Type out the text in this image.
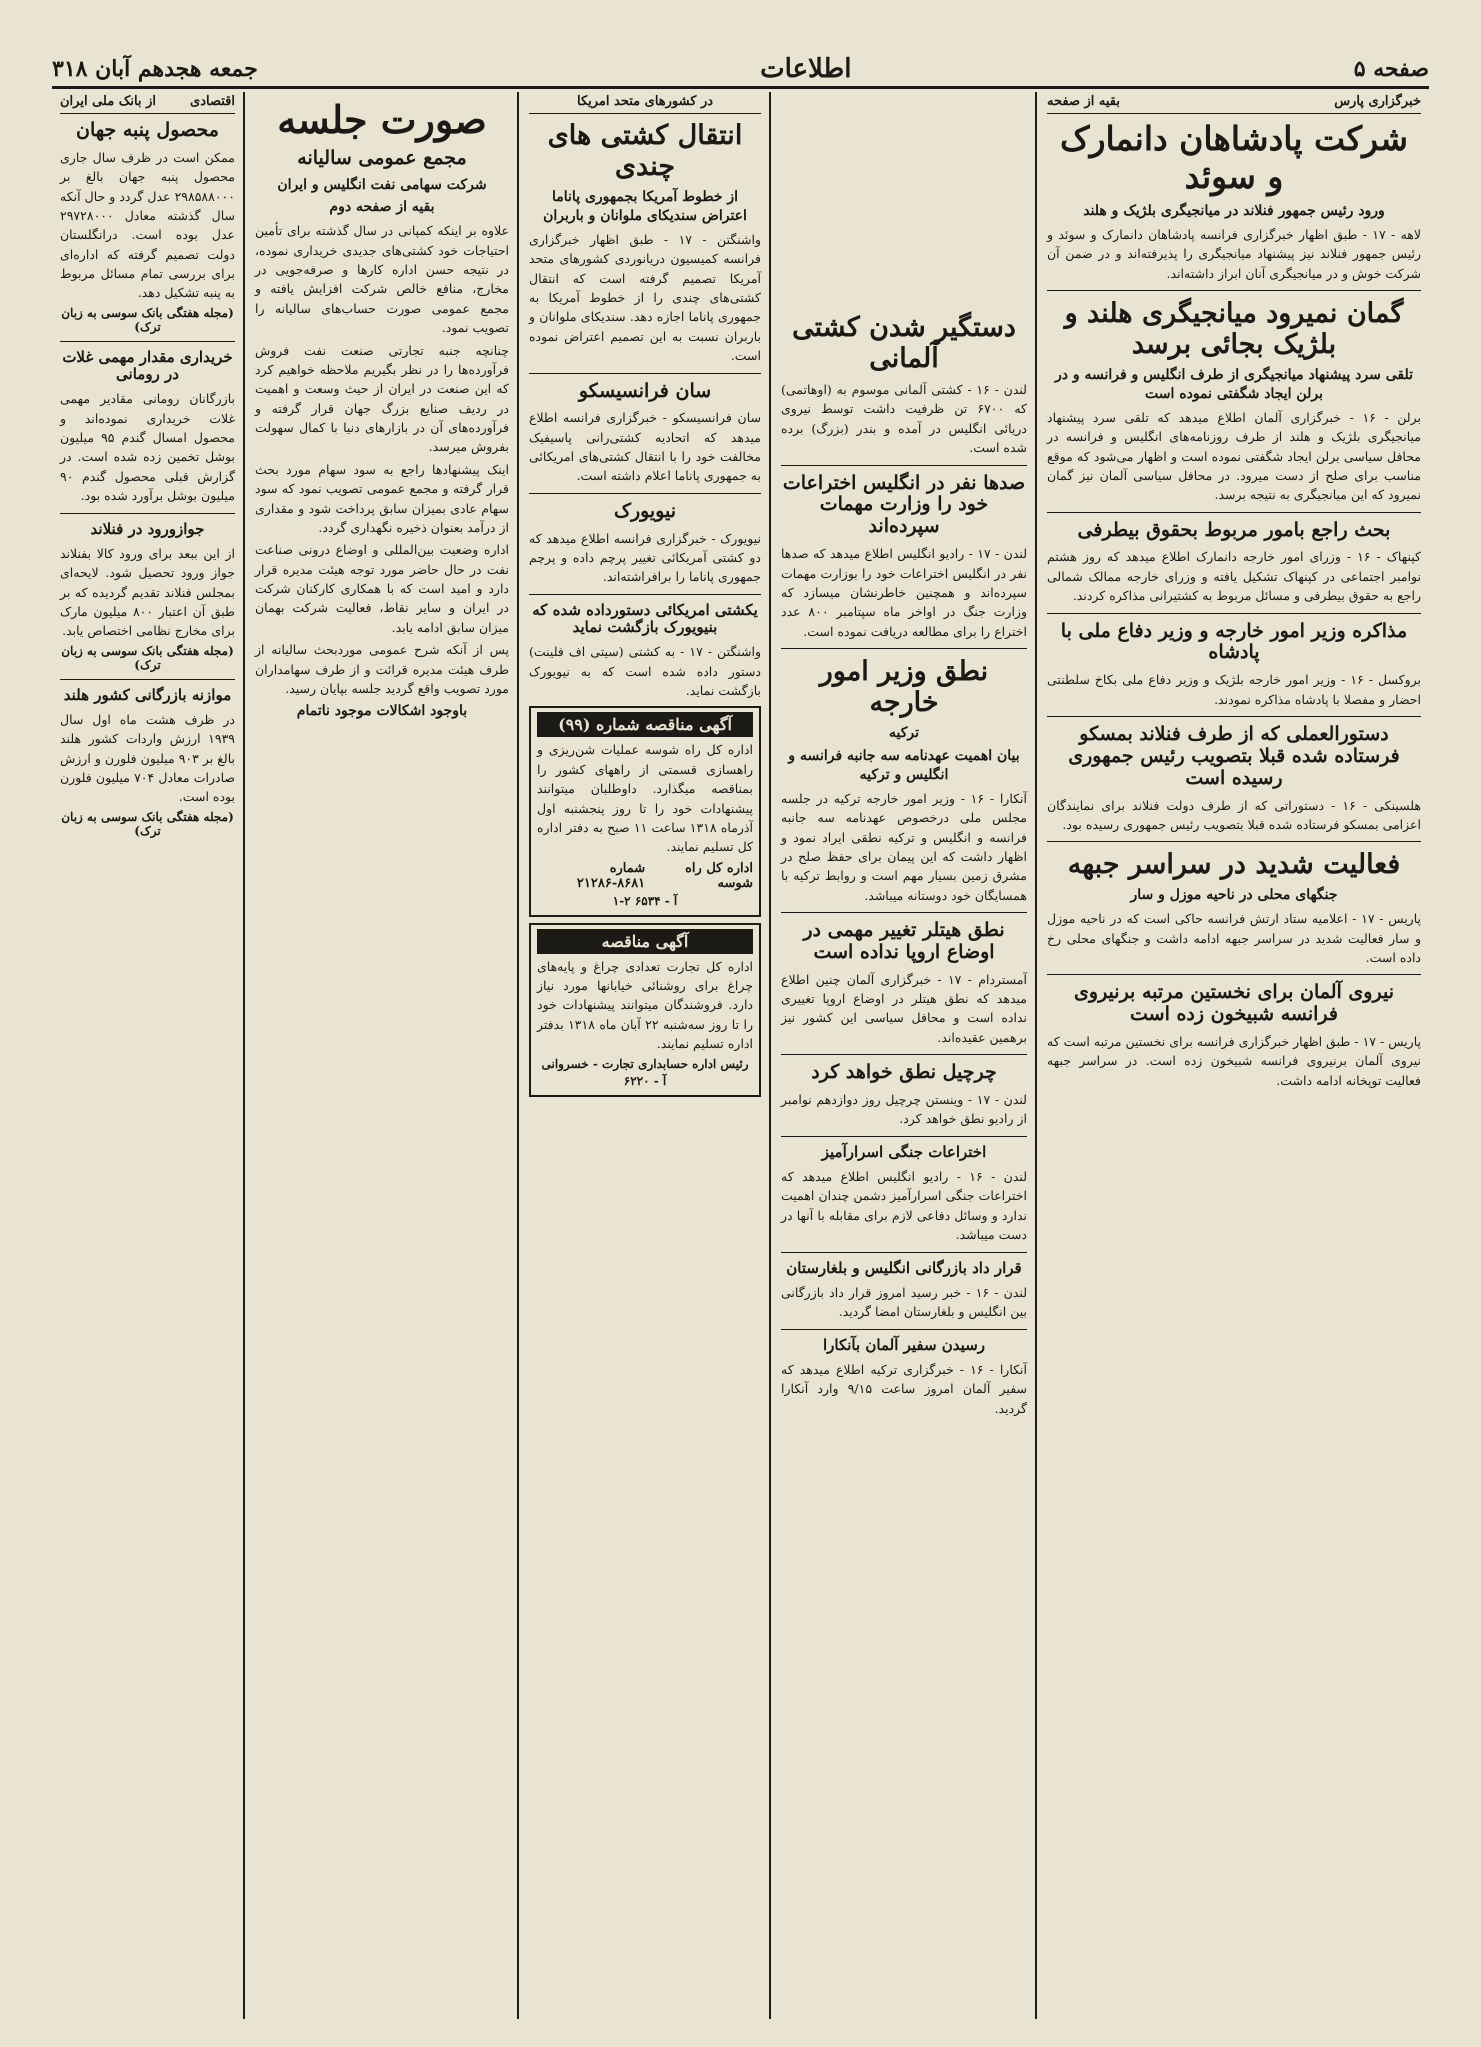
صفحه ۵
اطلاعات
جمعه هجدهم آبان ۳۱۸
خبرگزاری پارس
بقیه از صفحه
شرکت پادشاهان دانمارک و سوئد
ورود رئیس جمهور فنلاند در میانجیگری بلژیک و هلند
لاهه - ۱۷ - طبق اظهار خبرگزاری فرانسه پادشاهان دانمارک و سوئد و رئیس جمهور فنلاند نیز پیشنهاد میانجیگری را پذیرفته‌اند و در ضمن آن شرکت خوش و در میانجیگری آنان ابراز داشته‌اند.
گمان نمیرود میانجیگری هلند و بلژیک بجائی برسد
تلقی سرد پیشنهاد میانجیگری از طرف انگلیس و فرانسه و در برلن ایجاد شگفتی نموده است
برلن - ۱۶ - خبرگزاری آلمان اطلاع میدهد که تلقی سرد پیشنهاد میانجیگری بلژیک و هلند از طرف روزنامه‌های انگلیس و فرانسه در محافل سیاسی برلن ایجاد شگفتی نموده است و اظهار می‌شود که موقع مناسب برای صلح از دست میرود. در محافل سیاسی آلمان نیز گمان نمیرود که این میانجیگری به نتیجه برسد.
بحث راجع بامور مربوط بحقوق بیطرفی
کپنهاک - ۱۶ - وزرای امور خارجه دانمارک اطلاع میدهد که روز هشتم نوامبر اجتماعی در کپنهاک تشکیل یافته و وزرای خارجه ممالک شمالی راجع به حقوق بیطرفی و مسائل مربوط به کشتیرانی مذاکره کردند.
مذاکره وزیر امور خارجه و وزیر دفاع ملی با پادشاه
بروکسل - ۱۶ - وزیر امور خارجه بلژیک و وزیر دفاع ملی بکاخ سلطنتی احضار و مفصلا با پادشاه مذاکره نمودند.
دستورالعملی که از طرف فنلاند بمسکو فرستاده شده قبلا بتصویب رئیس جمهوری رسیده است
هلسینکی - ۱۶ - دستوراتی که از طرف دولت فنلاند برای نمایندگان اعزامی بمسکو فرستاده شده قبلا بتصویب رئیس جمهوری رسیده بود.
فعالیت شدید در سراسر جبهه
جنگهای محلی در ناحیه موزل و سار
پاریس - ۱۷ - اعلامیه ستاد ارتش فرانسه حاکی است که در ناحیه موزل و سار فعالیت شدید در سراسر جبهه ادامه داشت و جنگهای محلی رخ داده است.
نیروی آلمان برای نخستین مرتبه برنیروی فرانسه شبیخون زده است
پاریس - ۱۷ - طبق اظهار خبرگزاری فرانسه برای نخستین مرتبه است که نیروی آلمان برنیروی فرانسه شبیخون زده است. در سراسر جبهه فعالیت توپخانه ادامه داشت.
دستگیر شدن کشتی آلمانی
لندن - ۱۶ - کشتی آلمانی موسوم به (اوهاتمی) که ۶۷۰۰ تن ظرفیت داشت توسط نیروی دریائی انگلیس در آمده و بندر (بزرگ) برده شده است.
صدها نفر در انگلیس اختراعات خود را وزارت مهمات سپرده‌اند
لندن - ۱۷ - رادیو انگلیس اطلاع میدهد که صدها نفر در انگلیس اختراعات خود را بوزارت مهمات سپرده‌اند و همچنین خاطرنشان میسازد که وزارت جنگ در اواخر ماه سپتامبر ۸۰۰ عدد اختراع را برای مطالعه دریافت نموده است.
نطق وزیر امور خارجه
ترکیه
بیان اهمیت عهدنامه سه جانبه فرانسه و انگلیس و ترکیه
آنکارا - ۱۶ - وزیر امور خارجه ترکیه در جلسه مجلس ملی درخصوص عهدنامه سه جانبه فرانسه و انگلیس و ترکیه نطقی ایراد نمود و اظهار داشت که این پیمان برای حفظ صلح در مشرق زمین بسیار مهم است و روابط ترکیه با همسایگان خود دوستانه میباشد.
نطق هیتلر تغییر مهمی در اوضاع اروپا نداده است
آمستردام - ۱۷ - خبرگزاری آلمان چنین اطلاع میدهد که نطق هیتلر در اوضاع اروپا تغییری نداده است و محافل سیاسی این کشور نیز برهمین عقیده‌اند.
چرچیل نطق خواهد کرد
لندن - ۱۷ - وینستن چرچیل روز دوازدهم نوامبر از رادیو نطق خواهد کرد.
اختراعات جنگی اسرارآمیز
لندن - ۱۶ - رادیو انگلیس اطلاع میدهد که اختراعات جنگی اسرارآمیز دشمن چندان اهمیت ندارد و وسائل دفاعی لازم برای مقابله با آنها در دست میباشد.
قرار داد بازرگانی انگلیس و بلغارستان
لندن - ۱۶ - خبر رسید امروز قرار داد بازرگانی بین انگلیس و بلغارستان امضا گردید.
رسیدن سفیر آلمان بآنکارا
آنکارا - ۱۶ - خبرگزاری ترکیه اطلاع میدهد که سفیر آلمان امروز ساعت ۹/۱۵ وارد آنکارا گردید.
در کشورهای متحد امریکا
انتقال کشتی های چندی
از خطوط آمریکا بجمهوری پاناما اعتراض سندیکای ملوانان و باربران
واشنگتن - ۱۷ - طبق اظهار خبرگزاری فرانسه کمیسیون دریانوردی کشورهای متحد آمریکا تصمیم گرفته است که انتقال کشتی‌های چندی را از خطوط آمریکا به جمهوری پاناما اجازه دهد. سندیکای ملوانان و باربران نسبت به این تصمیم اعتراض نموده است.
سان فرانسیسکو
سان فرانسیسکو - خبرگزاری فرانسه اطلاع میدهد که اتحادیه کشتی‌رانی پاسیفیک مخالفت خود را با انتقال کشتی‌های امریکائی به جمهوری پاناما اعلام داشته است.
نیویورک
نیویورک - خبرگزاری فرانسه اطلاع میدهد که دو کشتی آمریکائی تغییر پرچم داده و پرچم جمهوری پاناما را برافراشته‌اند.
یکشتی امریکائی دستورداده شده که بنیویورک بازگشت نماید
واشنگتن - ۱۷ - به کشتی (سیتی اف فلینت) دستور داده شده است که به نیویورک بازگشت نماید.
آگهی مناقصه شماره (۹۹)
اداره کل راه شوسه عملیات شن‌ریزی و راهسازی قسمتی از راههای کشور را بمناقصه میگذارد. داوطلبان میتوانند پیشنهادات خود را تا روز پنجشنبه اول آذرماه ۱۳۱۸ ساعت ۱۱ صبح به دفتر اداره کل تسلیم نمایند.
اداره کل راه شوسه
شماره ۸۶۸۱-۲۱۲۸۶
آ - ۶۵۳۴ ۲-۱
آگهی مناقصه
اداره کل تجارت تعدادی چراغ و پایه‌های چراغ برای روشنائی خیابانها مورد نیاز دارد. فروشندگان میتوانند پیشنهادات خود را تا روز سه‌شنبه ۲۲ آبان ماه ۱۳۱۸ بدفتر اداره تسلیم نمایند.
رئیس اداره حسابداری تجارت - خسروانی
آ - ۶۲۲۰
صورت جلسه
مجمع عمومی سالیانه
شرکت سهامی نفت انگلیس و ایران
بقیه از صفحه دوم
علاوه بر اینکه کمپانی در سال گذشته برای تأمین احتیاجات خود کشتی‌های جدیدی خریداری نموده، در نتیجه حسن اداره کارها و صرفه‌جویی در مخارج، منافع خالص شرکت افزایش یافته و مجمع عمومی صورت حساب‌های سالیانه را تصویب نمود.
چنانچه جنبه تجارتی صنعت نفت فروش فرآورده‌ها را در نظر بگیریم ملاحظه خواهیم کرد که این صنعت در ایران از حیث وسعت و اهمیت در ردیف صنایع بزرگ جهان قرار گرفته و فرآورده‌های آن در بازارهای دنیا با کمال سهولت بفروش میرسد.
اینک پیشنهادها راجع به سود سهام مورد بحث قرار گرفته و مجمع عمومی تصویب نمود که سود سهام عادی بمیزان سابق پرداخت شود و مقداری از درآمد بعنوان ذخیره نگهداری گردد.
اداره وضعیت بین‌المللی و اوضاع درونی صناعت نفت در حال حاضر مورد توجه هیئت مدیره قرار دارد و امید است که با همکاری کارکنان شرکت در ایران و سایر نقاط، فعالیت شرکت بهمان میزان سابق ادامه یابد.
پس از آنکه شرح عمومی موردبحث سالیانه از طرف هیئت مدیره قرائت و از طرف سهامداران مورد تصویب واقع گردید جلسه بپایان رسید.
باوجود اشکالات موجود ناتمام
اقتصادی
از بانک ملی ایران
محصول پنبه جهان
ممکن است در ظرف سال جاری محصول پنبه جهان بالغ بر ۲۹۸۵۸۸۰۰۰ عدل گردد و حال آنکه سال گذشته معادل ۲۹۷۲۸۰۰۰ عدل بوده است. درانگلستان دولت تصمیم گرفته که اداره‌ای برای بررسی تمام مسائل مربوط به پنبه تشکیل دهد.
(مجله هفتگی بانک سوسی به زبان ترک)
خریداری مقدار مهمی غلات در رومانی
بازرگانان رومانی مقادیر مهمی غلات خریداری نموده‌اند و محصول امسال گندم ۹۵ میلیون بوشل تخمین زده شده است. در گزارش قبلی محصول گندم ۹۰ میلیون بوشل برآورد شده بود.
جوازورود در فنلاند
از این ببعد برای ورود کالا بفنلاند جواز ورود تحصیل شود. لایحه‌ای بمجلس فنلاند تقدیم گردیده که بر طبق آن اعتبار ۸۰۰ میلیون مارک برای مخارج نظامی اختصاص یابد.
(مجله هفتگی بانک سوسی به زبان ترک)
موازنه بازرگانی کشور هلند
در ظرف هشت ماه اول سال ۱۹۳۹ ارزش واردات کشور هلند بالغ بر ۹۰۳ میلیون فلورن و ارزش صادرات معادل ۷۰۴ میلیون فلورن بوده است.
(مجله هفتگی بانک سوسی به زبان ترک)
